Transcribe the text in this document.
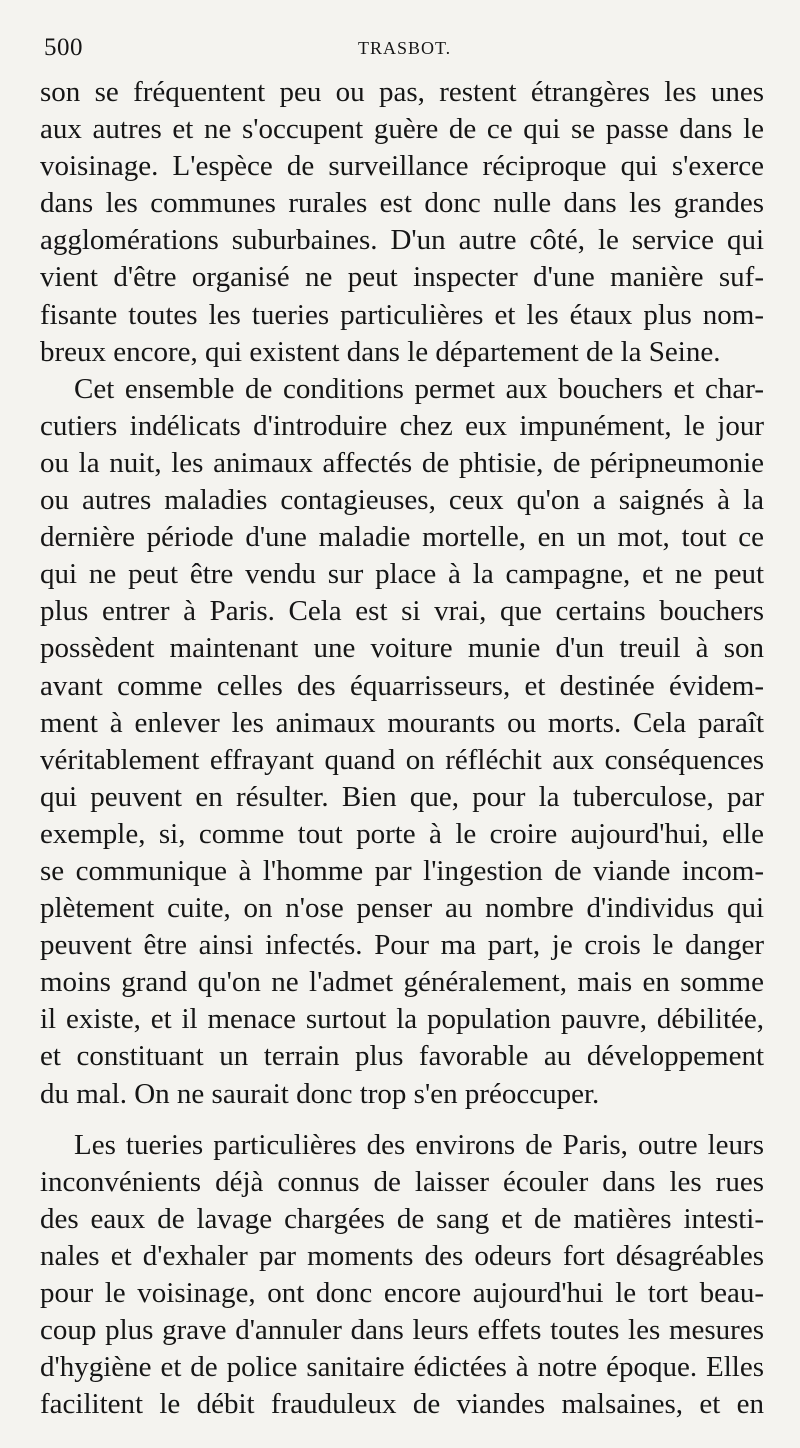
500	TRASBOT.
son se fréquentent peu ou pas, restent étrangères les unes
aux autres et ne s'occupent guère de ce qui se passe dans le
voisinage. L'espèce de surveillance réciproque qui s'exerce
dans les communes rurales est donc nulle dans les grandes
agglomérations suburbaines. D'un autre côté, le service qui
vient d'être organisé ne peut inspecter d'une manière suf-
fisante toutes les tueries particulières et les étaux plus nom-
breux encore, qui existent dans le département de la Seine.
Cet ensemble de conditions permet aux bouchers et char-
cutiers indélicats d'introduire chez eux impunément, le jour
ou la nuit, les animaux affectés de phtisie, de péripneumonie
ou autres maladies contagieuses, ceux qu'on a saignés à la
dernière période d'une maladie mortelle, en un mot, tout ce
qui ne peut être vendu sur place à la campagne, et ne peut
plus entrer à Paris. Cela est si vrai, que certains bouchers
possèdent maintenant une voiture munie d'un treuil à son
avant comme celles des équarrisseurs, et destinée évidem-
ment à enlever les animaux mourants ou morts. Cela paraît
véritablement effrayant quand on réfléchit aux conséquences
qui peuvent en résulter. Bien que, pour la tuberculose, par
exemple, si, comme tout porte à le croire aujourd'hui, elle
se communique à l'homme par l'ingestion de viande incom-
plètement cuite, on n'ose penser au nombre d'individus qui
peuvent être ainsi infectés. Pour ma part, je crois le danger
moins grand qu'on ne l'admet généralement, mais en somme
il existe, et il menace surtout la population pauvre, débilitée,
et constituant un terrain plus favorable au développement
du mal. On ne saurait donc trop s'en préoccuper.
Les tueries particulières des environs de Paris, outre leurs
inconvénients déjà connus de laisser écouler dans les rues
des eaux de lavage chargées de sang et de matières intesti-
nales et d'exhaler par moments des odeurs fort désagréables
pour le voisinage, ont donc encore aujourd'hui le tort beau-
coup plus grave d'annuler dans leurs effets toutes les mesures
d'hygiène et de police sanitaire édictées à notre époque. Elles
facilitent le débit frauduleux de viandes malsaines, et en
